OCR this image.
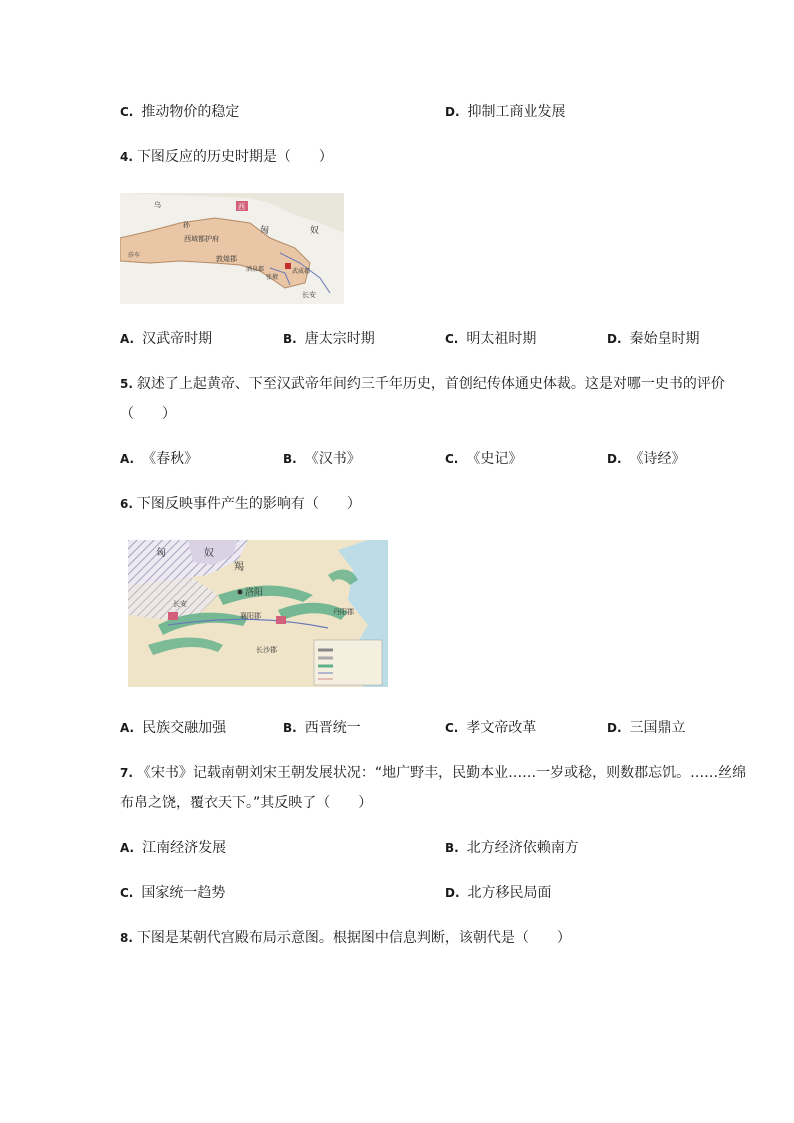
C. 推动物价的稳定	D. 抑制工商业发展
4. 下图反应的历史时期是（　　）
乌
孙
西域都护府
西
匈	奴
敦煌郡
酒泉郡
张掖
武威郡
长安
莎车
A. 汉武帝时期	B. 唐太宗时期	C. 明太祖时期	D. 秦始皇时期
5. 叙述了上起黄帝、下至汉武帝年间约三千年历史，首创纪传体通史体裁。这是对哪一史书的评价
（　　）
A. 《春秋》	B. 《汉书》	C. 《史记》	D. 《诗经》
6. 下图反映事件产生的影响有（　　）
匈	奴
羯
洛阳
长安
襄阳郡	丹阳郡
长沙郡
A. 民族交融加强	B. 西晋统一	C. 孝文帝改革	D. 三国鼎立
7. 《宋书》记载南朝刘宋王朝发展状况：“地广野丰，民勤本业……一岁或稔，则数郡忘饥。……丝绵
布帛之饶，覆衣天下。”其反映了（　　）
A. 江南经济发展	B. 北方经济依赖南方
C. 国家统一趋势	D. 北方移民局面
8. 下图是某朝代宫殿布局示意图。根据图中信息判断，该朝代是（　　）
